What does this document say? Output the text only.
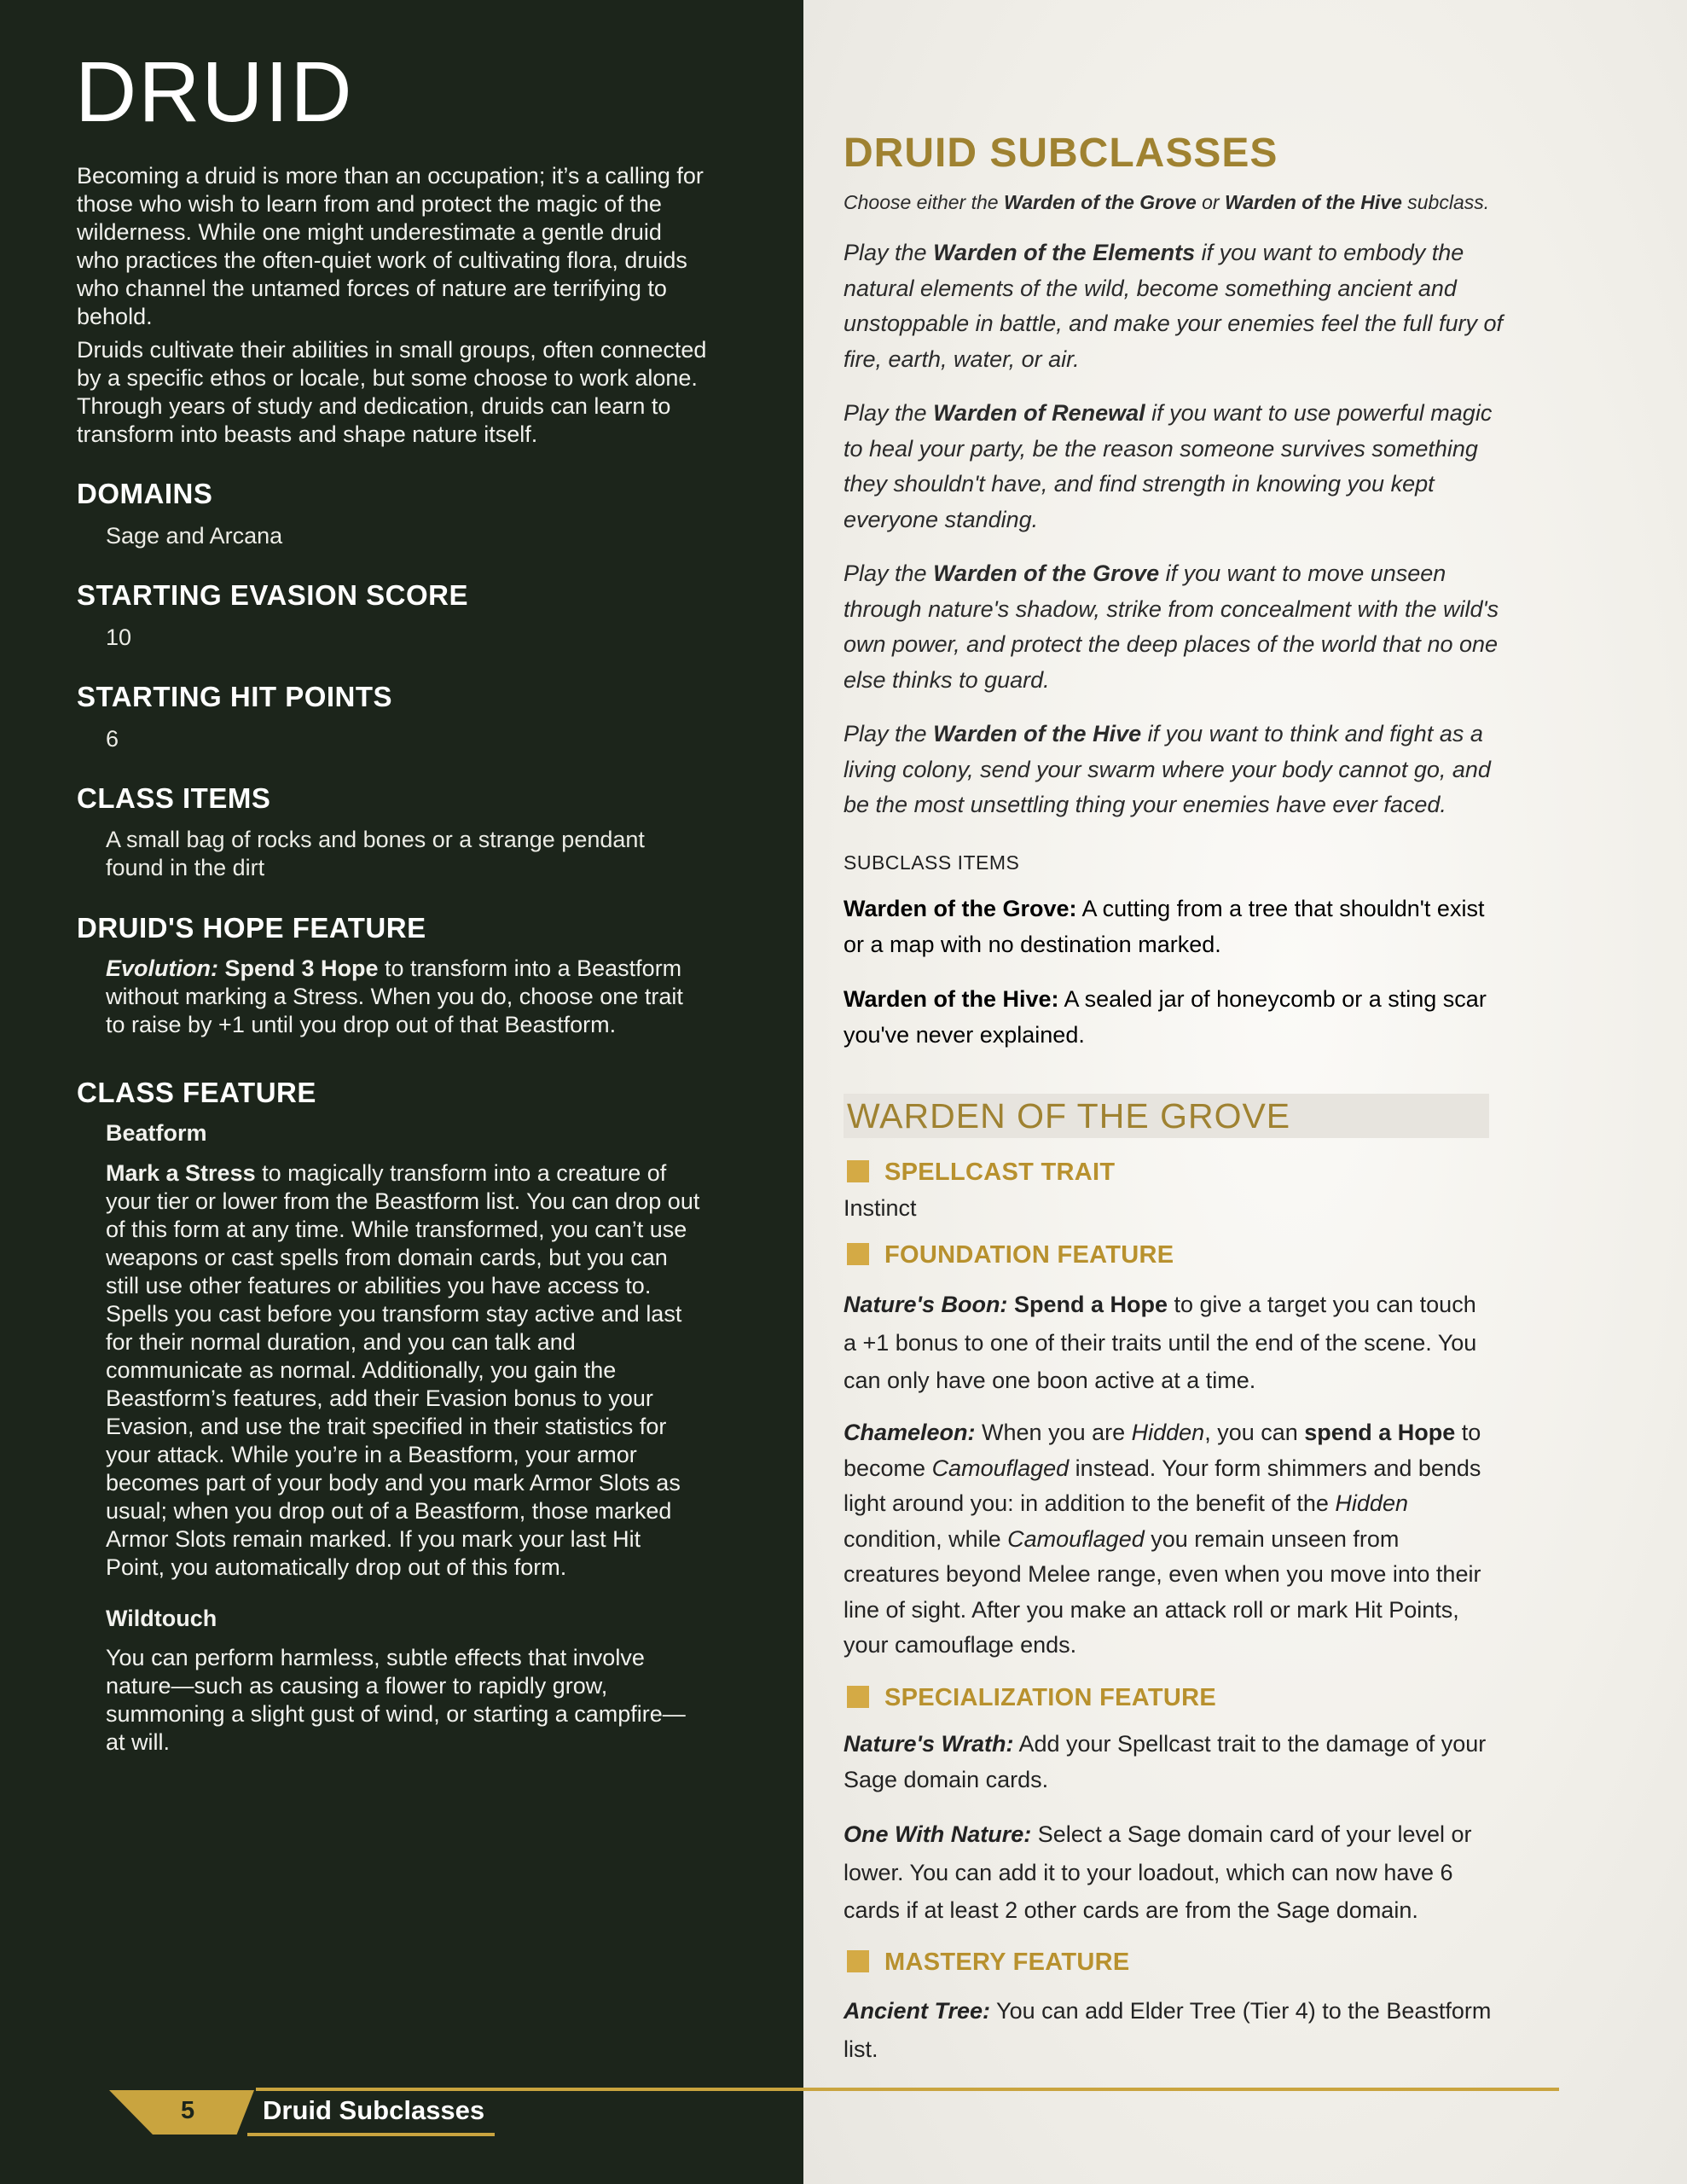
DRUID

Becoming a druid is more than an occupation; it’s a calling for those who wish to learn from and protect the magic of the wilderness. While one might underestimate a gentle druid who practices the often-quiet work of cultivating flora, druids who channel the untamed forces of nature are terrifying to behold.

Druids cultivate their abilities in small groups, often connected by a specific ethos or locale, but some choose to work alone. Through years of study and dedication, druids can learn to transform into beasts and shape nature itself.

DOMAINS

Sage and Arcana

STARTING EVASION SCORE

10

STARTING HIT POINTS

6

CLASS ITEMS

A small bag of rocks and bones or a strange pendant found in the dirt

DRUID'S HOPE FEATURE

Evolution: Spend 3 Hope to transform into a Beastform without marking a Stress. When you do, choose one trait to raise by +1 until you drop out of that Beastform.

CLASS FEATURE

Beatform

Mark a Stress to magically transform into a creature of your tier or lower from the Beastform list. You can drop out of this form at any time. While transformed, you can’t use weapons or cast spells from domain cards, but you can still use other features or abilities you have access to. Spells you cast before you transform stay active and last for their normal duration, and you can talk and communicate as normal. Additionally, you gain the Beastform’s features, add their Evasion bonus to your Evasion, and use the trait specified in their statistics for your attack. While you’re in a Beastform, your armor becomes part of your body and you mark Armor Slots as usual; when you drop out of a Beastform, those marked Armor Slots remain marked. If you mark your last Hit Point, you automatically drop out of this form.

Wildtouch

You can perform harmless, subtle effects that involve nature—such as causing a flower to rapidly grow, summoning a slight gust of wind, or starting a campfire—at will.

DRUID SUBCLASSES

Choose either the Warden of the Grove or Warden of the Hive subclass.

Play the Warden of the Elements if you want to embody the natural elements of the wild, become something ancient and unstoppable in battle, and make your enemies feel the full fury of fire, earth, water, or air.

Play the Warden of Renewal if you want to use powerful magic to heal your party, be the reason someone survives something they shouldn't have, and find strength in knowing you kept everyone standing.

Play the Warden of the Grove if you want to move unseen through nature's shadow, strike from concealment with the wild's own power, and protect the deep places of the world that no one else thinks to guard.

Play the Warden of the Hive if you want to think and fight as a living colony, send your swarm where your body cannot go, and be the most unsettling thing your enemies have ever faced.

SUBCLASS ITEMS

Warden of the Grove: A cutting from a tree that shouldn't exist or a map with no destination marked.

Warden of the Hive: A sealed jar of honeycomb or a sting scar you've never explained.

WARDEN OF THE GROVE

SPELLCAST TRAIT

Instinct

FOUNDATION FEATURE

Nature's Boon: Spend a Hope to give a target you can touch a +1 bonus to one of their traits until the end of the scene. You can only have one boon active at a time.

Chameleon: When you are Hidden, you can spend a Hope to become Camouflaged instead. Your form shimmers and bends light around you: in addition to the benefit of the Hidden condition, while Camouflaged you remain unseen from creatures beyond Melee range, even when you move into their line of sight. After you make an attack roll or mark Hit Points, your camouflage ends.

SPECIALIZATION FEATURE

Nature's Wrath: Add your Spellcast trait to the damage of your Sage domain cards.

One With Nature: Select a Sage domain card of your level or lower. You can add it to your loadout, which can now have 6 cards if at least 2 other cards are from the Sage domain.

MASTERY FEATURE

Ancient Tree: You can add Elder Tree (Tier 4) to the Beastform list.

5	Druid Subclasses
